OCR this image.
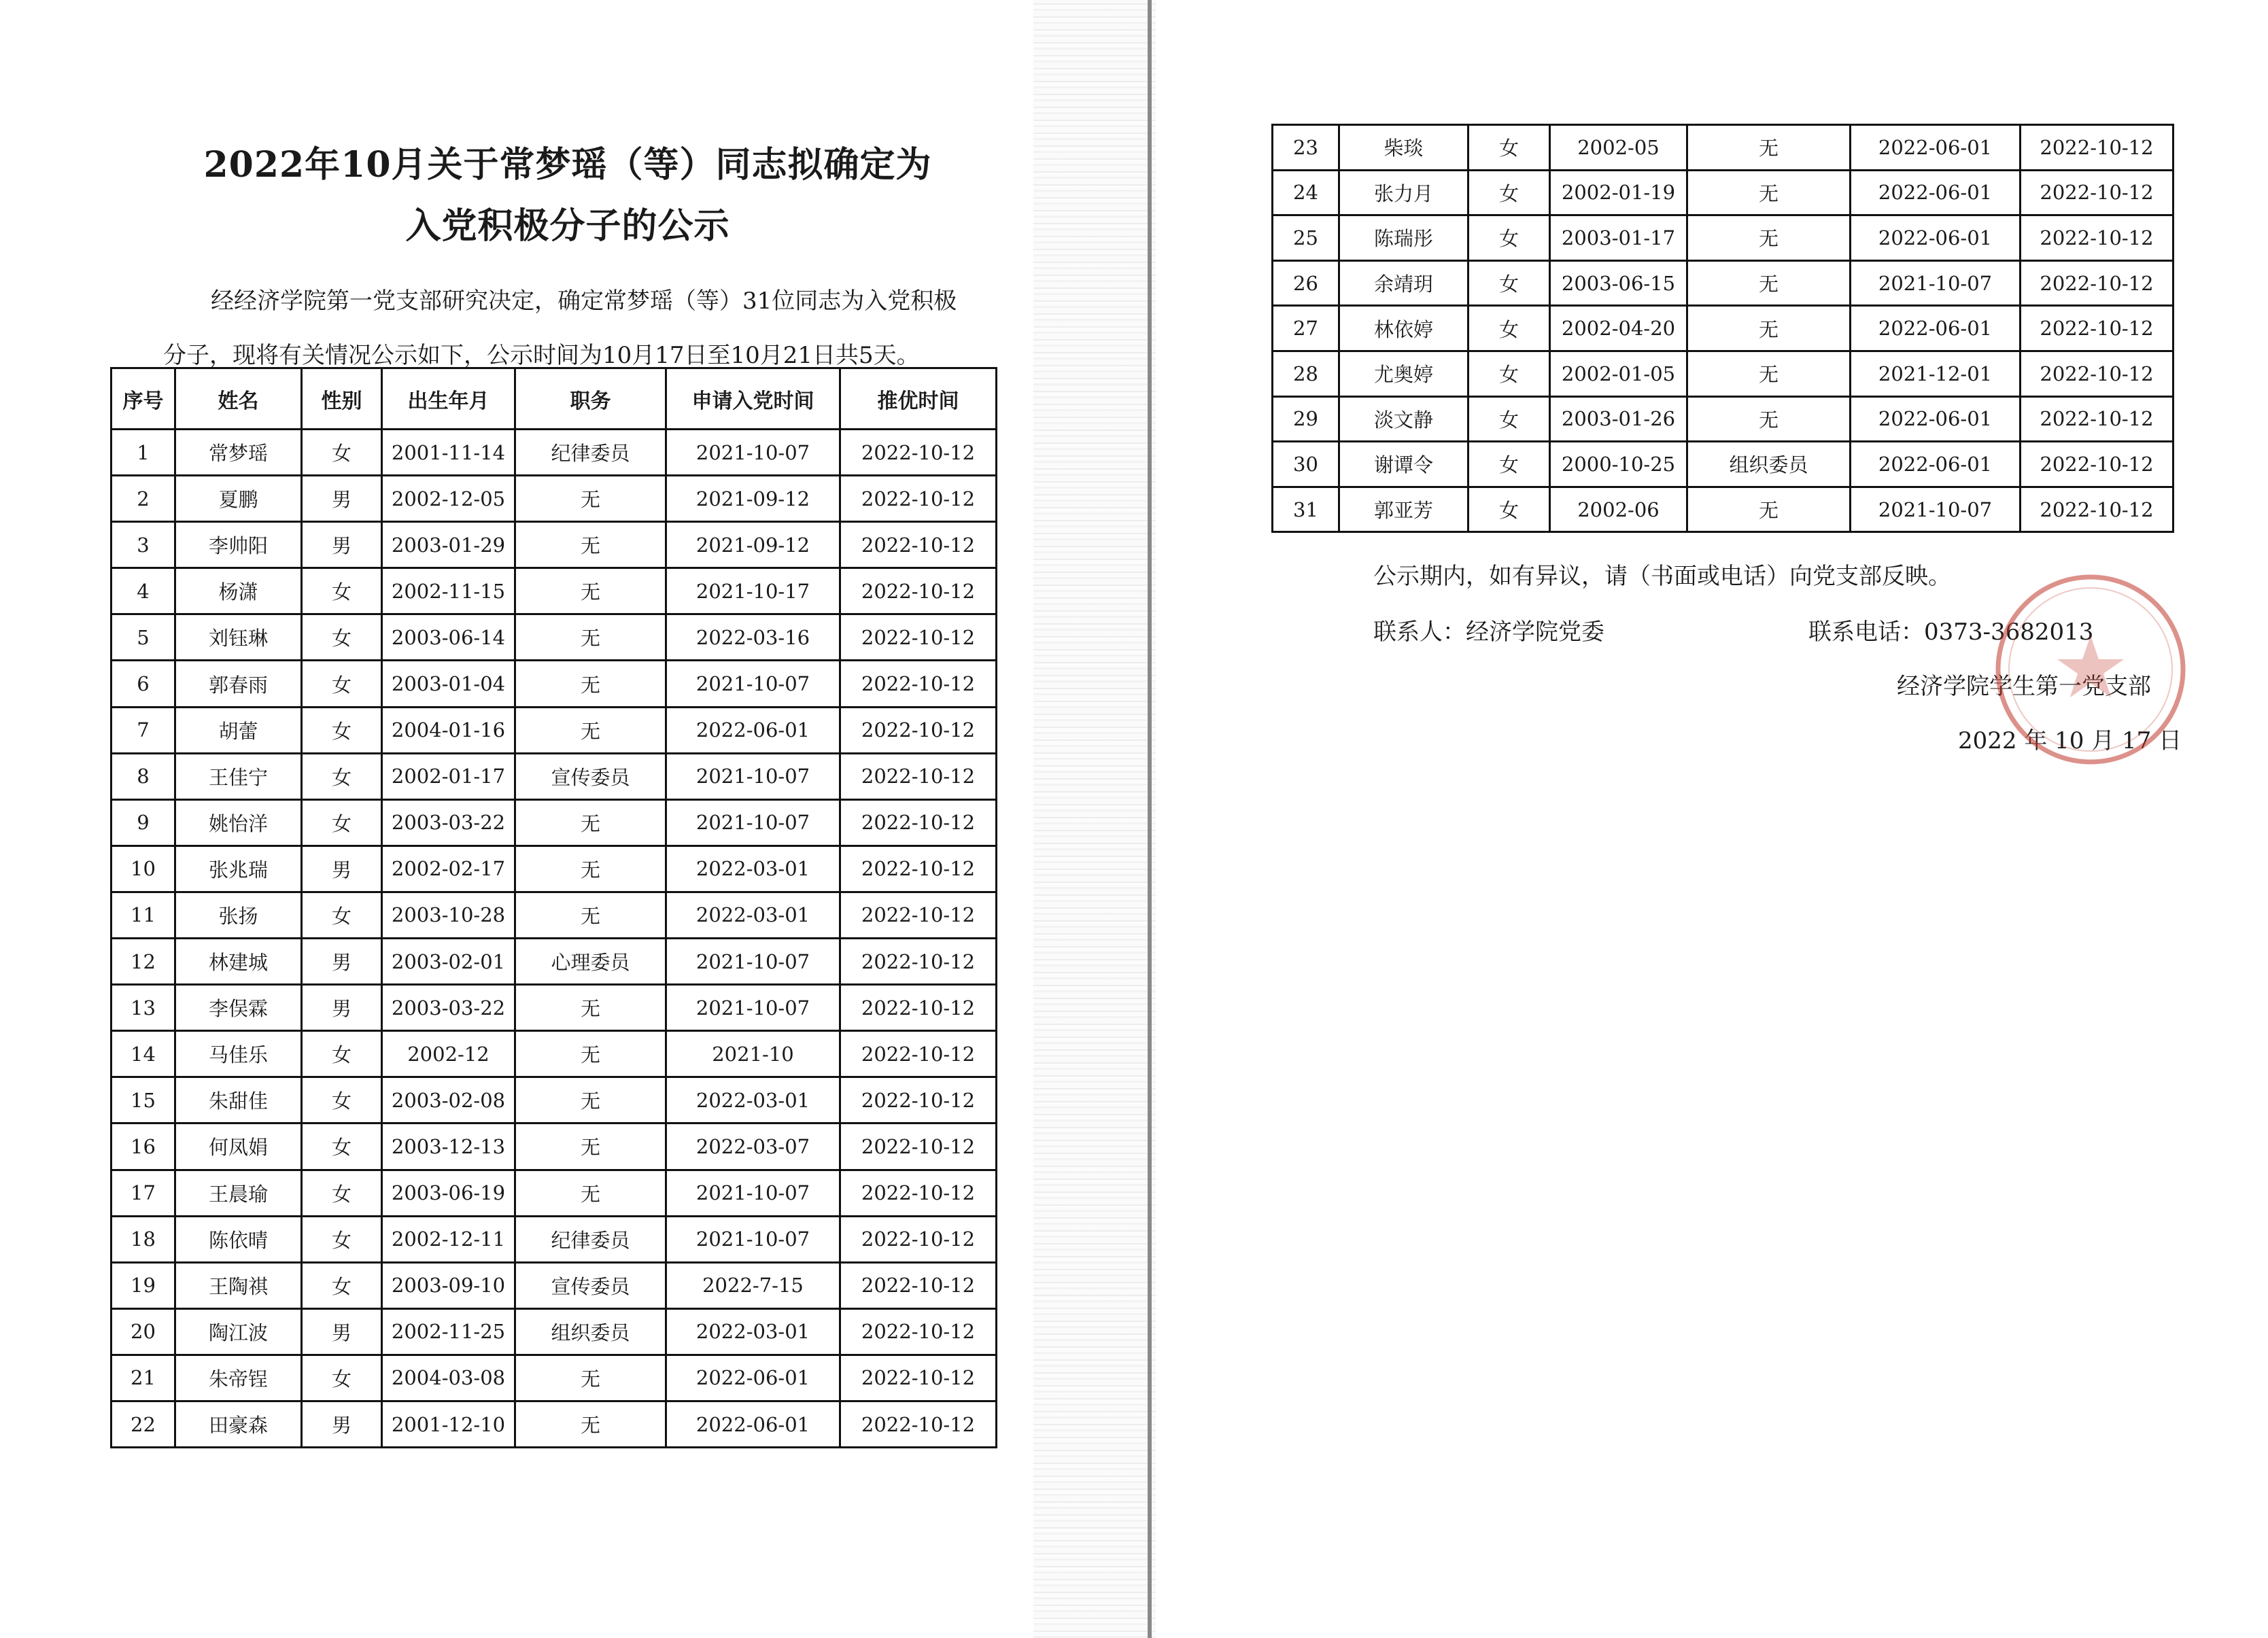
2022年10月关于常梦瑶（等）同志拟确定为
入党积极分子的公示
经经济学院第一党支部研究决定，确定常梦瑶（等）31位同志为入党积极
分子，现将有关情况公示如下，公示时间为10月17日至10月21日共5天。
序号	姓名	性别	出生年月	职务	申请入党时间	推优时间
1	常梦瑶	女	2001-11-14	纪律委员	2021-10-07	2022-10-12
2	夏鹏	男	2002-12-05	无	2021-09-12	2022-10-12
3	李帅阳	男	2003-01-29	无	2021-09-12	2022-10-12
4	杨潇	女	2002-11-15	无	2021-10-17	2022-10-12
5	刘钰琳	女	2003-06-14	无	2022-03-16	2022-10-12
6	郭春雨	女	2003-01-04	无	2021-10-07	2022-10-12
7	胡蕾	女	2004-01-16	无	2022-06-01	2022-10-12
8	王佳宁	女	2002-01-17	宣传委员	2021-10-07	2022-10-12
9	姚怡洋	女	2003-03-22	无	2021-10-07	2022-10-12
10	张兆瑞	男	2002-02-17	无	2022-03-01	2022-10-12
11	张扬	女	2003-10-28	无	2022-03-01	2022-10-12
12	林建城	男	2003-02-01	心理委员	2021-10-07	2022-10-12
13	李俣霖	男	2003-03-22	无	2021-10-07	2022-10-12
14	马佳乐	女	2002-12	无	2021-10	2022-10-12
15	朱甜佳	女	2003-02-08	无	2022-03-01	2022-10-12
16	何凤娟	女	2003-12-13	无	2022-03-07	2022-10-12
17	王晨瑜	女	2003-06-19	无	2021-10-07	2022-10-12
18	陈依晴	女	2002-12-11	纪律委员	2021-10-07	2022-10-12
19	王陶祺	女	2003-09-10	宣传委员	2022-7-15	2022-10-12
20	陶江波	男	2002-11-25	组织委员	2022-03-01	2022-10-12
21	朱帝锃	女	2004-03-08	无	2022-06-01	2022-10-12
22	田豪森	男	2001-12-10	无	2022-06-01	2022-10-12
23	柴琰	女	2002-05	无	2022-06-01	2022-10-12
24	张力月	女	2002-01-19	无	2022-06-01	2022-10-12
25	陈瑞彤	女	2003-01-17	无	2022-06-01	2022-10-12
26	余靖玥	女	2003-06-15	无	2021-10-07	2022-10-12
27	林依婷	女	2002-04-20	无	2022-06-01	2022-10-12
28	尤奥婷	女	2002-01-05	无	2021-12-01	2022-10-12
29	淡文静	女	2003-01-26	无	2022-06-01	2022-10-12
30	谢谭令	女	2000-10-25	组织委员	2022-06-01	2022-10-12
31	郭亚芳	女	2002-06	无	2021-10-07	2022-10-12
公示期内，如有异议，请（书面或电话）向党支部反映。
联系人：经济学院党委	联系电话：0373-3682013
经济学院学生第一党支部
2022 年 10 月 17 日
